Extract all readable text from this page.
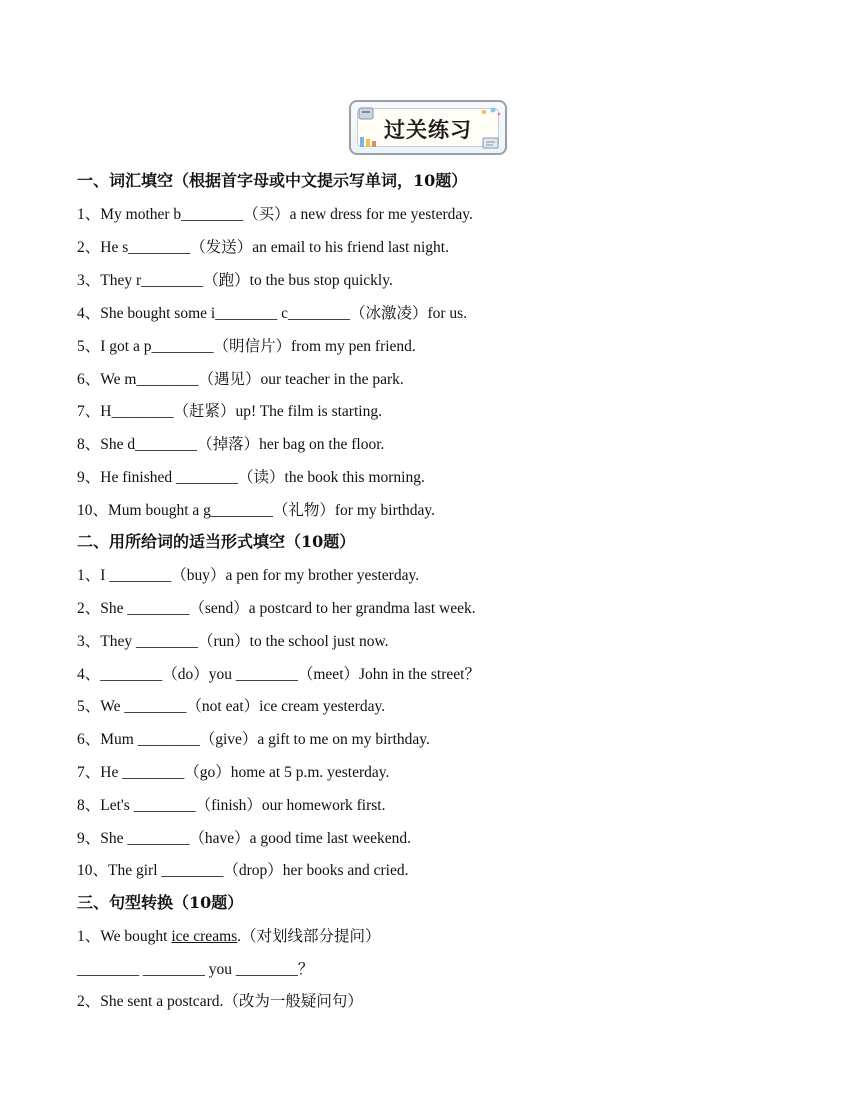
过关练习
一、词汇填空（根据首字母或中文提示写单词，10题）
1、My mother b________（买）a new dress for me yesterday.
2、He s________（发送）an email to his friend last night.
3、They r________（跑）to the bus stop quickly.
4、She bought some i________ c________（冰激凌）for us.
5、I got a p________（明信片）from my pen friend.
6、We m________（遇见）our teacher in the park.
7、H________（赶紧）up! The film is starting.
8、She d________（掉落）her bag on the floor.
9、He finished ________（读）the book this morning.
10、Mum bought a g________（礼物）for my birthday.
二、用所给词的适当形式填空（10题）
1、I ________（buy）a pen for my brother yesterday.
2、She ________（send）a postcard to her grandma last week.
3、They ________（run）to the school just now.
4、________（do）you ________（meet）John in the street？
5、We ________（not eat）ice cream yesterday.
6、Mum ________（give）a gift to me on my birthday.
7、He ________（go）home at 5 p.m. yesterday.
8、Let's ________（finish）our homework first.
9、She ________（have）a good time last weekend.
10、The girl ________（drop）her books and cried.
三、句型转换（10题）
1、We bought ice creams.（对划线部分提问）
________ ________ you ________？
2、She sent a postcard.（改为一般疑问句）
